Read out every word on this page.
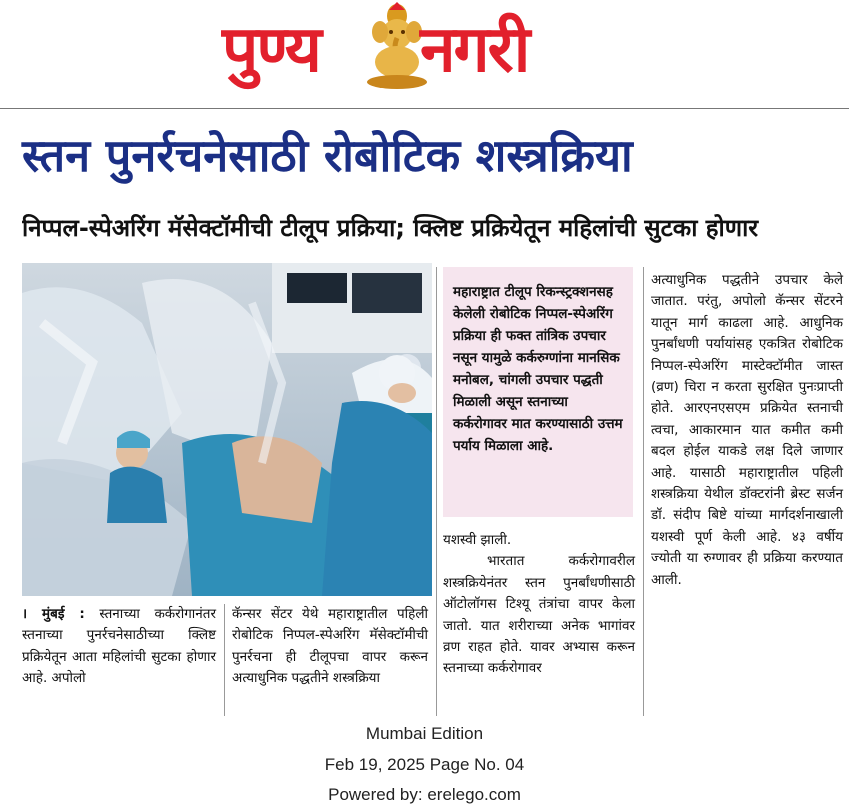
पुण्य नगरी
स्तन पुनर्रचनेसाठी रोबोटिक शस्त्रक्रिया
निप्पल-स्पेअरिंग मॅसेक्टॉमीची टीलूप प्रक्रिया; क्लिष्ट प्रक्रियेतून महिलांची सुटका होणार
महाराष्ट्रात टीलूप रिकन्स्ट्रक्शनसह केलेली रोबोटिक निप्पल-स्पेअरिंग प्रक्रिया ही फक्त तांत्रिक उपचार नसून यामुळे कर्करुग्णांना मानसिक मनोबल, चांगली उपचार पद्धती मिळाली असून स्तनाच्या कर्करोगावर मात करण्यासाठी उत्तम पर्याय मिळाला आहे.

। मुंबई : स्तनाच्या कर्करोगानंतर स्तनाच्या पुनर्रचनेसाठीच्या क्लिष्ट प्रक्रियेतून आता महिलांची सुटका होणार आहे. अपोलो

कॅन्सर सेंटर येथे महाराष्ट्रातील पहिली रोबोटिक निप्पल-स्पेअरिंग मॅसेक्टॉमीची पुनर्रचना ही टीलूपचा वापर करून अत्याधुनिक पद्धतीने शस्त्रक्रिया

यशस्वी झाली.

भारतात कर्करोगावरील शस्त्रक्रियेनंतर स्तन पुनर्बांधणीसाठी ऑटोलॉगस टिश्यू तंत्रांचा वापर केला जातो. यात शरीराच्या अनेक भागांवर व्रण राहत होते. यावर अभ्यास करून स्तनाच्या कर्करोगावर

अत्याधुनिक पद्धतीने उपचार केले जातात. परंतु, अपोलो कॅन्सर सेंटरने यातून मार्ग काढला आहे. आधुनिक पुनर्बांधणी पर्यायांसह एकत्रित रोबोटिक निप्पल-स्पेअरिंग मास्टेक्टॉमीत जास्त (व्रण) चिरा न करता सुरक्षित पुनःप्राप्ती होते. आरएनएसएम प्रक्रियेत स्तनाची त्वचा, आकारमान यात कमीत कमी बदल होईल याकडे लक्ष दिले जाणार आहे. यासाठी महाराष्ट्रातील पहिली शस्त्रक्रिया येथील डॉक्टरांनी ब्रेस्ट सर्जन डॉ. संदीप बिष्टे यांच्या मार्गदर्शनाखाली यशस्वी पूर्ण केली आहे. ४३ वर्षीय ज्योती या रुग्णावर ही प्रक्रिया करण्यात आली.

Mumbai Edition
Feb 19, 2025 Page No. 04
Powered by: erelego.com
